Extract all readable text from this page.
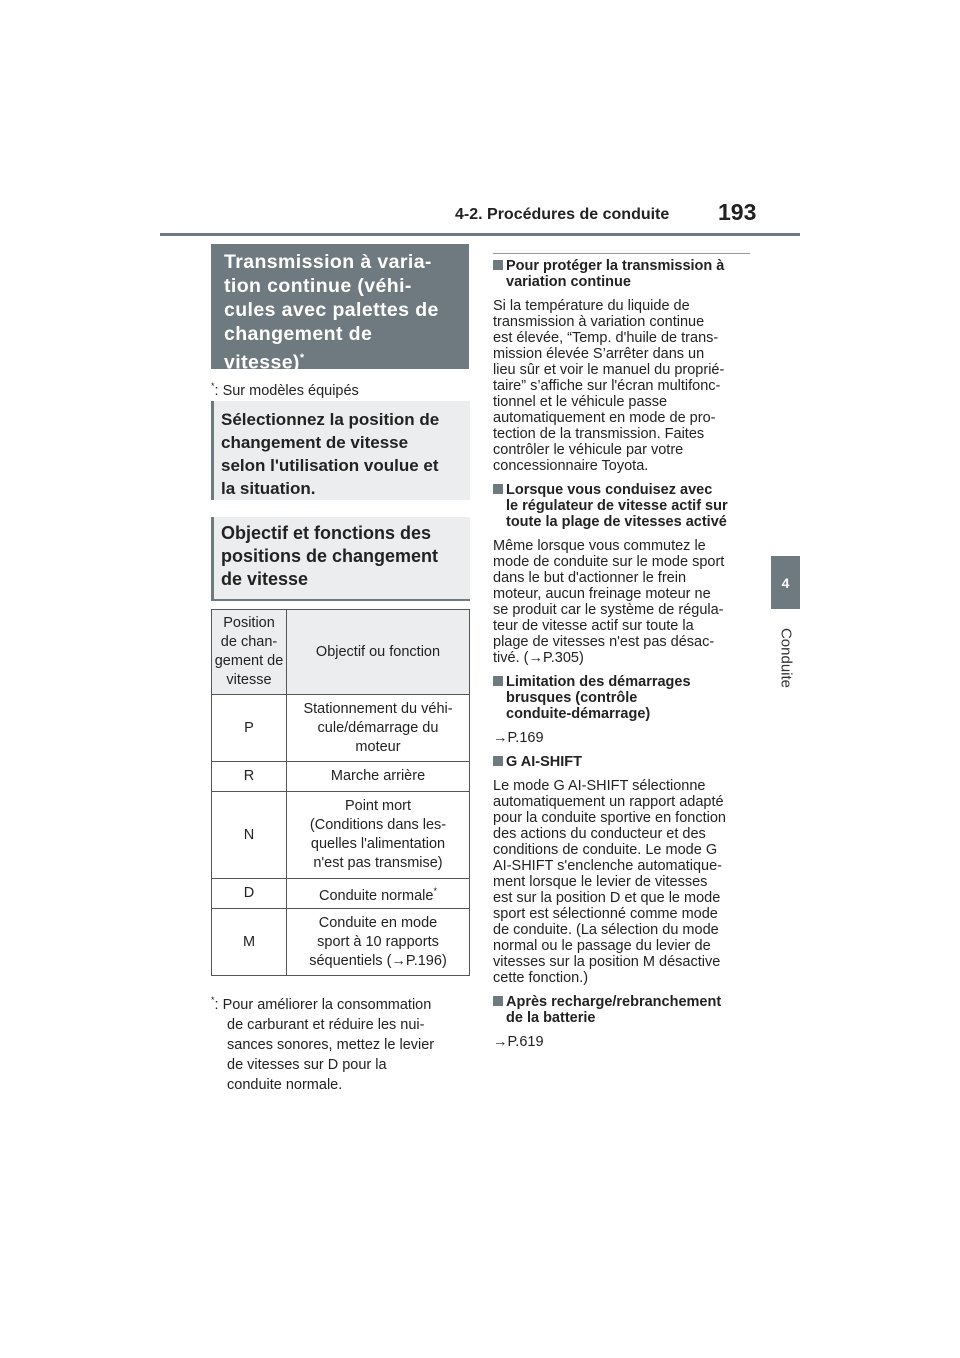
4-2. Procédures de conduite 193
4
Conduite
Transmission à varia-
tion continue (véhi-
cules avec palettes de
changement de
vitesse)*
*: Sur modèles équipés
Sélectionnez la position de
changement de vitesse
selon l'utilisation voulue et
la situation.
Objectif et fonctions des
positions de changement
de vitesse
Position
de chan-
gement de
vitesse	Objectif ou fonction
P	Stationnement du véhi-
cule/démarrage du
moteur

R	Marche arrière

N	Point mort
(Conditions dans les-
quelles l'alimentation
n'est pas transmise)

D	Conduite normale*
M	Conduite en mode
sport à 10 rapports
séquentiels (→P.196)
*: Pour améliorer la consommation
de carburant et réduire les nui-
sances sonores, mettez le levier
de vitesses sur D pour la
conduite normale.
Pour protéger la transmission à
variation continue
Si la température du liquide de
transmission à variation continue
est élevée, “Temp. d'huile de trans-
mission élevée S’arrêter dans un
lieu sûr et voir le manuel du proprié-
taire” s’affiche sur l'écran multifonc-
tionnel et le véhicule passe
automatiquement en mode de pro-
tection de la transmission. Faites
contrôler le véhicule par votre
concessionnaire Toyota.
Lorsque vous conduisez avec
le régulateur de vitesse actif sur
toute la plage de vitesses activé
Même lorsque vous commutez le
mode de conduite sur le mode sport
dans le but d'actionner le frein
moteur, aucun freinage moteur ne
se produit car le système de régula-
teur de vitesse actif sur toute la
plage de vitesses n'est pas désac-
tivé. (→P.305)
Limitation des démarrages
brusques (contrôle
conduite-démarrage)
→P.169
G AI-SHIFT
Le mode G AI-SHIFT sélectionne
automatiquement un rapport adapté
pour la conduite sportive en fonction
des actions du conducteur et des
conditions de conduite. Le mode G
AI-SHIFT s'enclenche automatique-
ment lorsque le levier de vitesses
est sur la position D et que le mode
sport est sélectionné comme mode
de conduite. (La sélection du mode
normal ou le passage du levier de
vitesses sur la position M désactive
cette fonction.)
Après recharge/rebranchement
de la batterie
→P.619
